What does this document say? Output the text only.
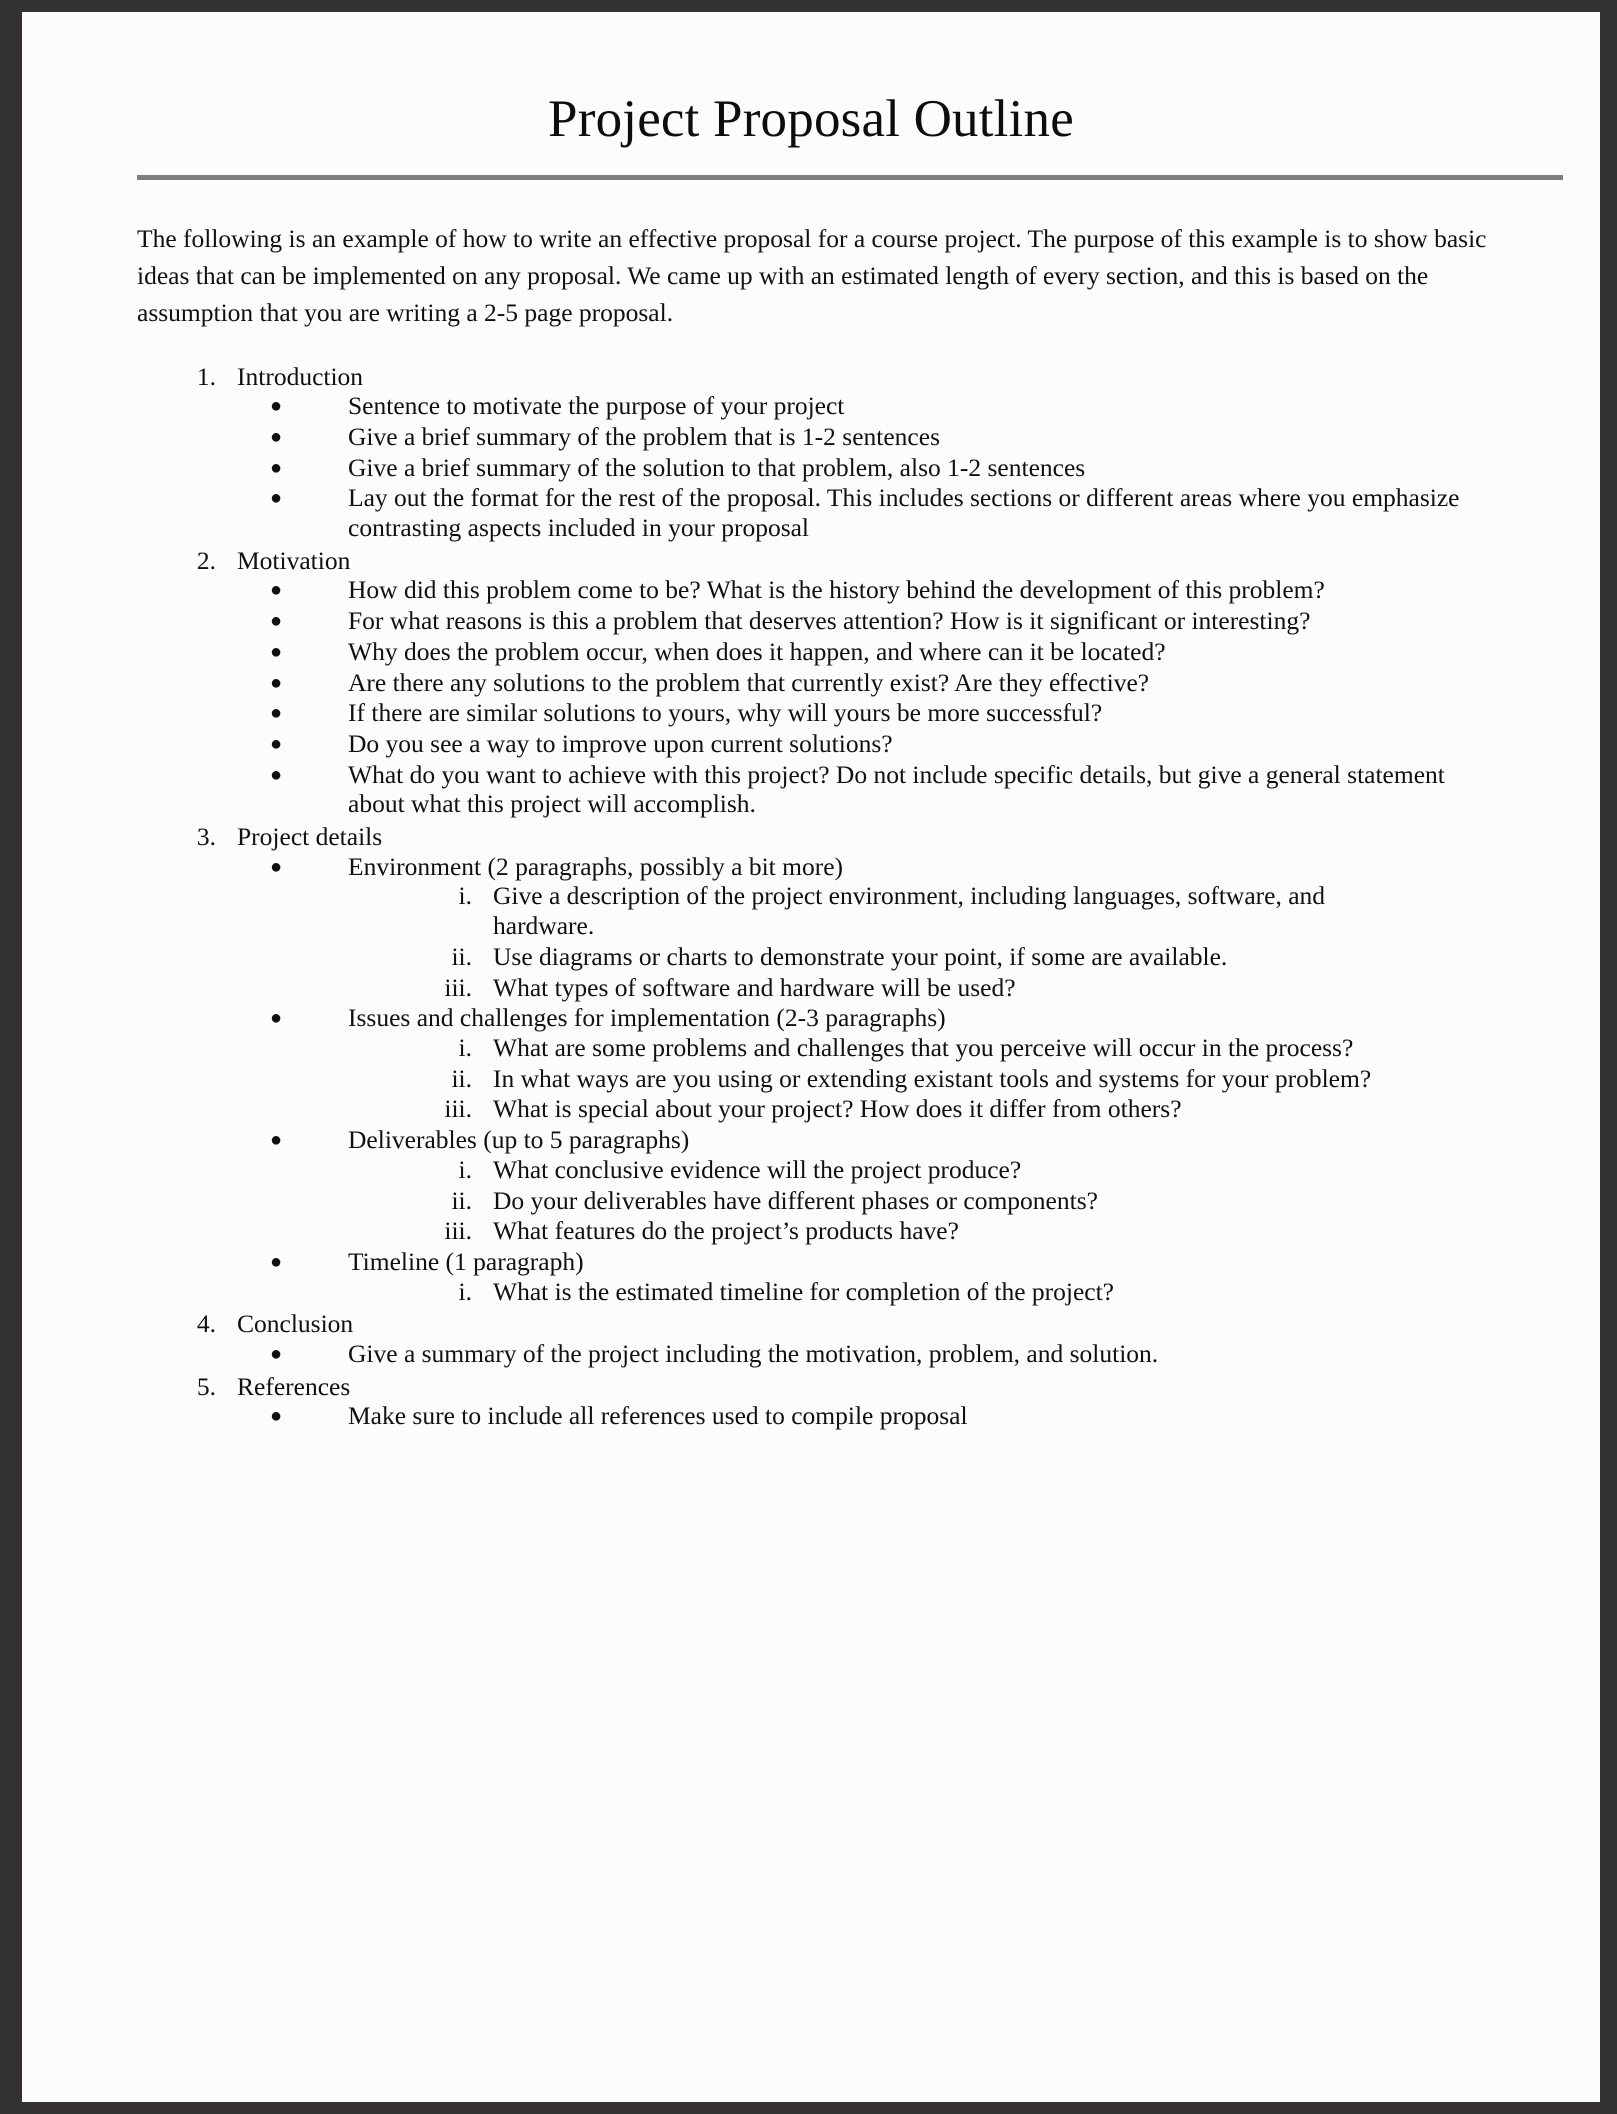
Project Proposal Outline

The following is an example of how to write an effective proposal for a course project. The purpose of this example is to show basic ideas that can be implemented on any proposal. We came up with an estimated length of every section, and this is based on the assumption that you are writing a 2-5 page proposal.

1. Introduction
●	Sentence to motivate the purpose of your project
●	Give a brief summary of the problem that is 1-2 sentences
●	Give a brief summary of the solution to that problem, also 1-2 sentences
●	Lay out the format for the rest of the proposal. This includes sections or different areas where you emphasize contrasting aspects included in your proposal
2. Motivation
●	How did this problem come to be? What is the history behind the development of this problem?
●	For what reasons is this a problem that deserves attention? How is it significant or interesting?
●	Why does the problem occur, when does it happen, and where can it be located?
●	Are there any solutions to the problem that currently exist? Are they effective?
●	If there are similar solutions to yours, why will yours be more successful?
●	Do you see a way to improve upon current solutions?
●	What do you want to achieve with this project? Do not include specific details, but give a general statement about what this project will accomplish.
3. Project details
●	Environment (2 paragraphs, possibly a bit more)
i. Give a description of the project environment, including languages, software, and hardware.
ii. Use diagrams or charts to demonstrate your point, if some are available.
iii. What types of software and hardware will be used?
●	Issues and challenges for implementation (2-3 paragraphs)
i. What are some problems and challenges that you perceive will occur in the process?
ii. In what ways are you using or extending existant tools and systems for your problem?
iii. What is special about your project? How does it differ from others?
●	Deliverables (up to 5 paragraphs)
i. What conclusive evidence will the project produce?
ii. Do your deliverables have different phases or components?
iii. What features do the project’s products have?
●	Timeline (1 paragraph)
i. What is the estimated timeline for completion of the project?
4. Conclusion
●	Give a summary of the project including the motivation, problem, and solution.
5. References
●	Make sure to include all references used to compile proposal
